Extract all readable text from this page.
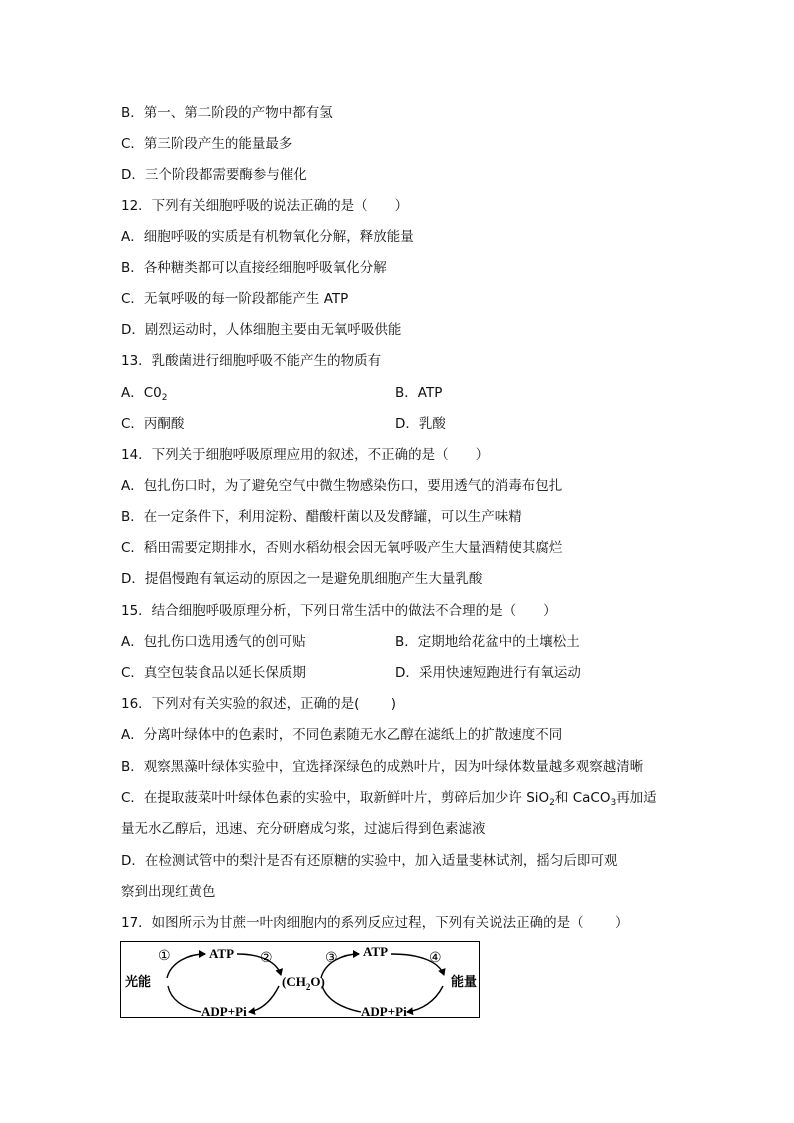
B．第一、第二阶段的产物中都有氢
C．第三阶段产生的能量最多
D．三个阶段都需要酶参与催化
12．下列有关细胞呼吸的说法正确的是（　　）
A．细胞呼吸的实质是有机物氧化分解，释放能量
B．各种糖类都可以直接经细胞呼吸氧化分解
C．无氧呼吸的每一阶段都能产生 ATP
D．剧烈运动时，人体细胞主要由无氧呼吸供能
13．乳酸菌进行细胞呼吸不能产生的物质有
A．$C0_2$	B．ATP
C．丙酮酸	D．乳酸
14．下列关于细胞呼吸原理应用的叙述，不正确的是（　　）
A．包扎伤口时，为了避免空气中微生物感染伤口，要用透气的消毒布包扎
B．在一定条件下，利用淀粉、醋酸杆菌以及发酵罐，可以生产味精
C．稻田需要定期排水，否则水稻幼根会因无氧呼吸产生大量酒精使其腐烂
D．提倡慢跑有氧运动的原因之一是避免肌细胞产生大量乳酸
15．结合细胞呼吸原理分析，下列日常生活中的做法不合理的是（　　）
A．包扎伤口选用透气的创可贴	B．定期地给花盆中的土壤松土
C．真空包装食品以延长保质期	D．采用快速短跑进行有氧运动
16．下列对有关实验的叙述，正确的是(　　 )
A．分离叶绿体中的色素时，不同色素随无水乙醇在滤纸上的扩散速度不同
B．观察黑藻叶绿体实验中，宜选择深绿色的成熟叶片，因为叶绿体数量越多观察越清晰
C．在提取菠菜叶叶绿体色素的实验中，取新鲜叶片，剪碎后加少许 SiO$_2$和 CaCO$_3$再加适
量无水乙醇后，迅速、充分研磨成匀浆，过滤后得到色素滤液
D．在检测试管中的梨汁是否有还原糖的实验中，加入适量斐林试剂，摇匀后即可观
察到出现红黄色
17．如图所示为甘蔗一叶肉细胞内的系列反应过程，下列有关说法正确的是（　　 ）
光能
ATP
ADP+Pi
$(CH_2O)$
ATP
ADP+Pi
能量
①	②	③	④
